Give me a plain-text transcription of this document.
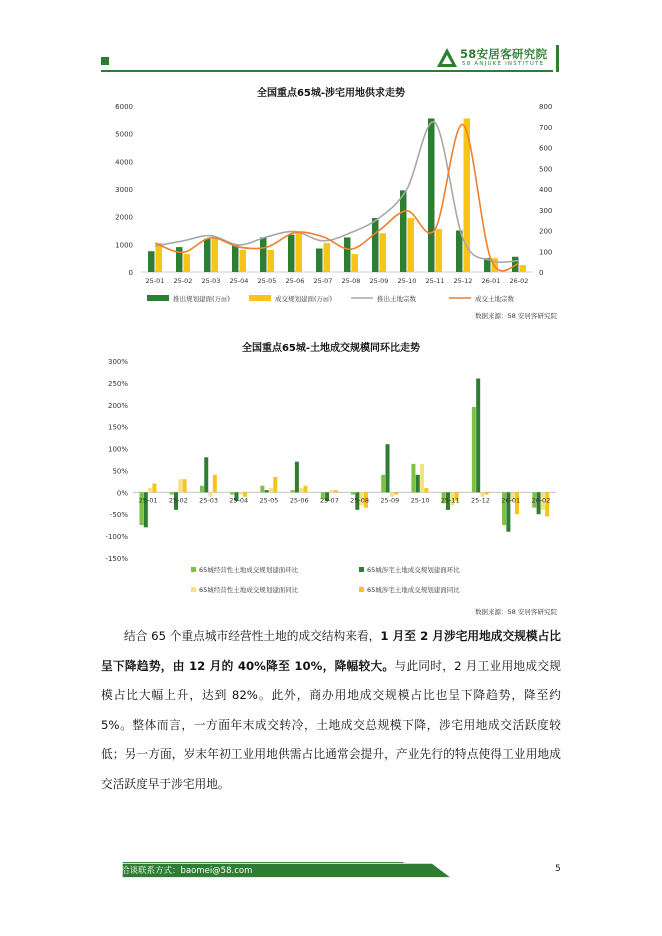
58安居客研究院
58 ANJUKE INSTITUTE
全国重点65城-涉宅用地供求走势
0
1000
2000
3000
4000
5000
6000
0
100
200
300
400
500
600
700
800
25-01 25-02 25-03 25-04 25-05 25-06 25-07 25-08 25-09 25-10 25-11 25-12 26-01 26-02
推出规划建面(万㎡)	成交规划建面(万㎡)	推出土地宗数	成交土地宗数
数据来源：58 安居客研究院
全国重点65城-土地成交规模同环比走势
-150%
-100%
-50%
0%
50%
100%
150%
200%
250%
300%
25-01 25-02 25-03 25-04 25-05 25-06 25-07 25-08 25-09 25-10 25-11 25-12 26-01 26-02
65城经营性土地成交规划建面环比	65城涉宅土地成交规划建面环比
65城经营性土地成交规划建面同比	65城涉宅土地成交规划建面同比
数据来源：58 安居客研究院
结合 65 个重点城市经营性土地的成交结构来看，1 月至 2 月涉宅用地成交规模占比呈下降趋势，由 12 月的 40%降至 10%，降幅较大。与此同时，2 月工业用地成交规模占比大幅上升，达到 82%。此外，商办用地成交规模占比也呈下降趋势，降至约 5%。整体而言，一方面年末成交转冷，土地成交总规模下降，涉宅用地成交活跃度较低；另一方面，岁末年初工业用地供需占比通常会提升，产业先行的特点使得工业用地成交活跃度早于涉宅用地。
合作洽谈联系方式：baomei@58.com	5
